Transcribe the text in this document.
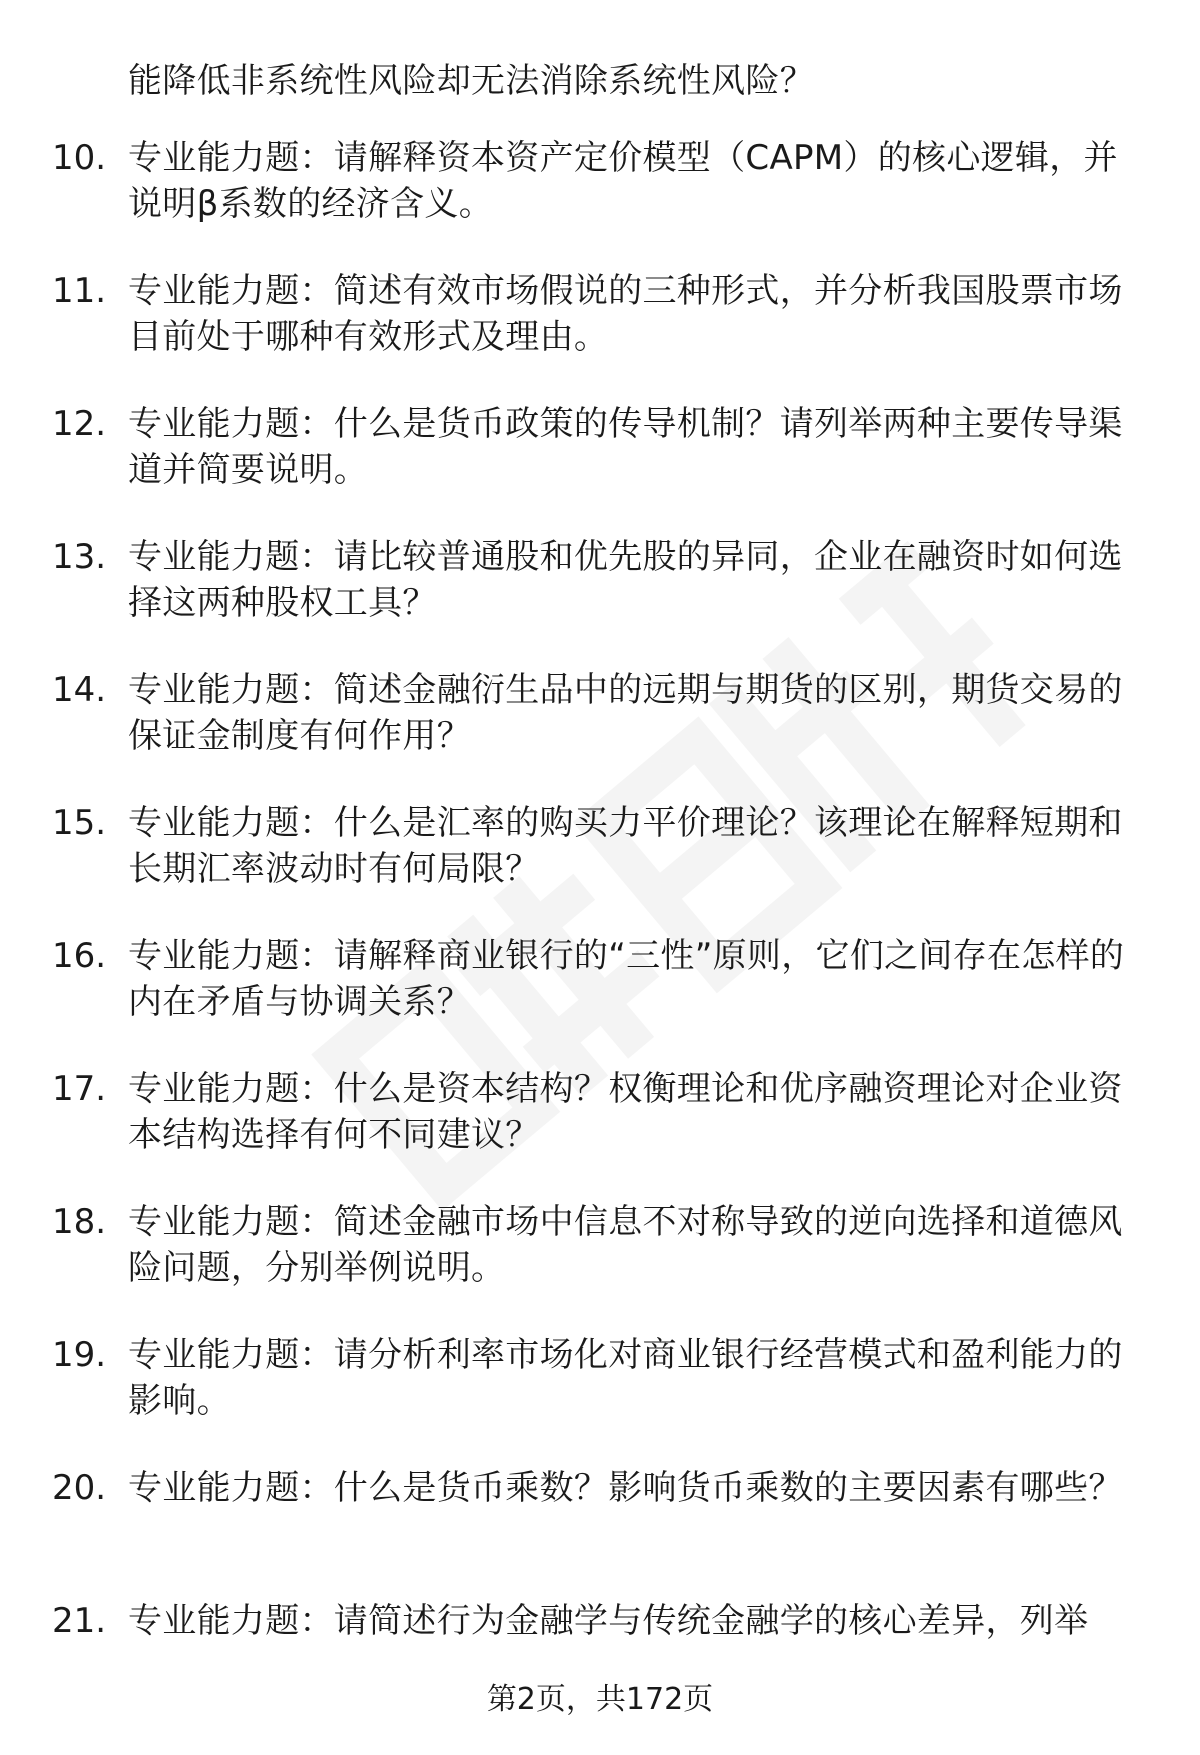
能降低非系统性风险却无法消除系统性风险？
10. 专业能力题：请解释资本资产定价模型（CAPM）的核心逻辑，并说明β系数的经济含义。
11. 专业能力题：简述有效市场假说的三种形式，并分析我国股票市场目前处于哪种有效形式及理由。
12. 专业能力题：什么是货币政策的传导机制？请列举两种主要传导渠道并简要说明。
13. 专业能力题：请比较普通股和优先股的异同，企业在融资时如何选择这两种股权工具？
14. 专业能力题：简述金融衍生品中的远期与期货的区别，期货交易的保证金制度有何作用？
15. 专业能力题：什么是汇率的购买力平价理论？该理论在解释短期和长期汇率波动时有何局限？
16. 专业能力题：请解释商业银行的“三性”原则，它们之间存在怎样的内在矛盾与协调关系？
17. 专业能力题：什么是资本结构？权衡理论和优序融资理论对企业资本结构选择有何不同建议？
18. 专业能力题：简述金融市场中信息不对称导致的逆向选择和道德风险问题，分别举例说明。
19. 专业能力题：请分析利率市场化对商业银行经营模式和盈利能力的影响。
20. 专业能力题：什么是货币乘数？影响货币乘数的主要因素有哪些？
21. 专业能力题：请简述行为金融学与传统金融学的核心差异，列举
第2页，共172页
